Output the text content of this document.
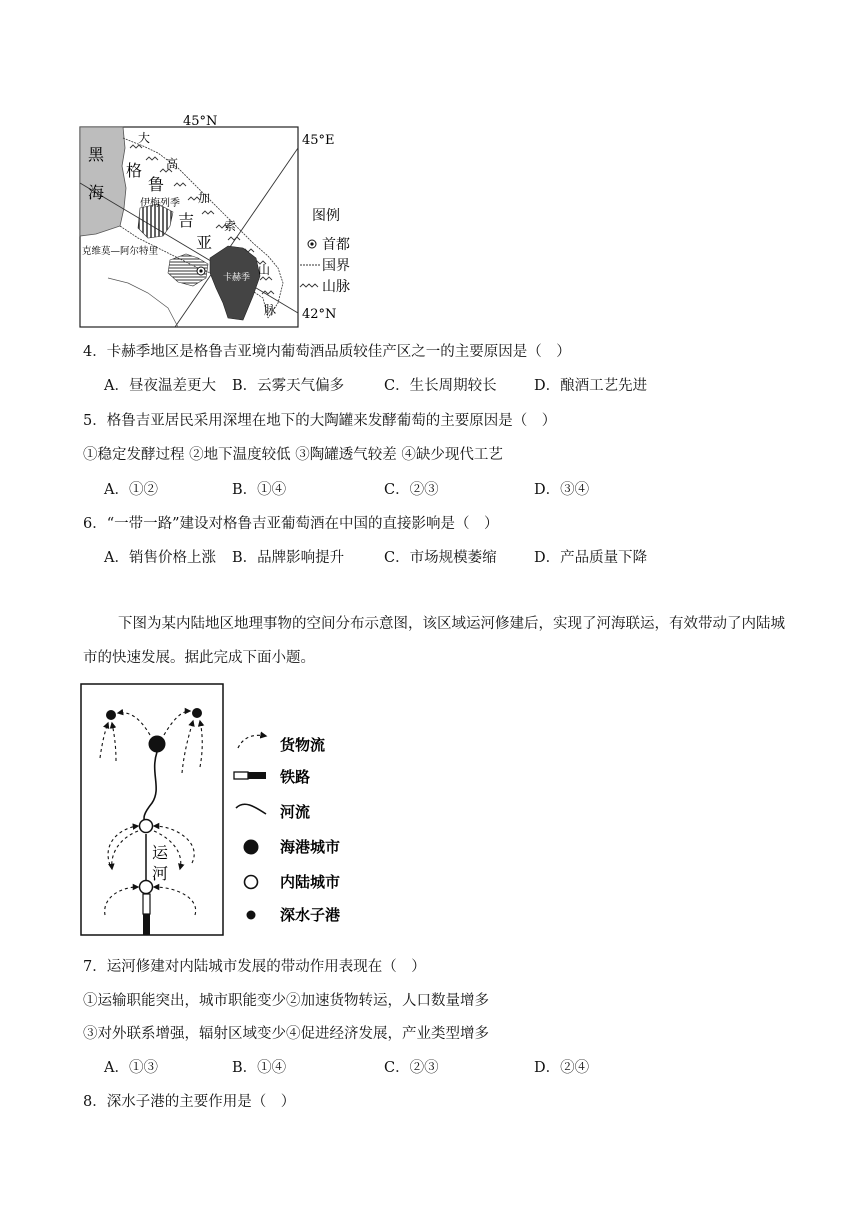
45°N
45°E
42°N
黑
海
格
鲁
吉
亚
大
高
加
索
山
脉
伊梅列季
克维莫—阿尔特里
卡赫季
图例
首都
国界
山脉
4．卡赫季地区是格鲁吉亚境内葡萄酒品质较佳产区之一的主要原因是（　）
A．昼夜温差更大 B．云雾天气偏多	C．生长周期较长	D．酿酒工艺先进
5．格鲁吉亚居民采用深埋在地下的大陶罐来发酵葡萄的主要原因是（　）
①稳定发酵过程 ②地下温度较低 ③陶罐透气较差 ④缺少现代工艺
A．①②	B．①④	C．②③	D．③④
6．“一带一路”建设对格鲁吉亚葡萄酒在中国的直接影响是（　）
A．销售价格上涨 B．品牌影响提升	C．市场规模萎缩	D．产品质量下降
下图为某内陆地区地理事物的空间分布示意图，该区域运河修建后，实现了河海联运，有效带动了内陆城市的快速发展。据此完成下面小题。
运
河
货物流
铁路
河流
海港城市
内陆城市
深水子港
7．运河修建对内陆城市发展的带动作用表现在（　）
①运输职能突出，城市职能变少②加速货物转运，人口数量增多
③对外联系增强，辐射区域变少④促进经济发展，产业类型增多
A．①③	B．①④	C．②③	D．②④
8．深水子港的主要作用是（　）
